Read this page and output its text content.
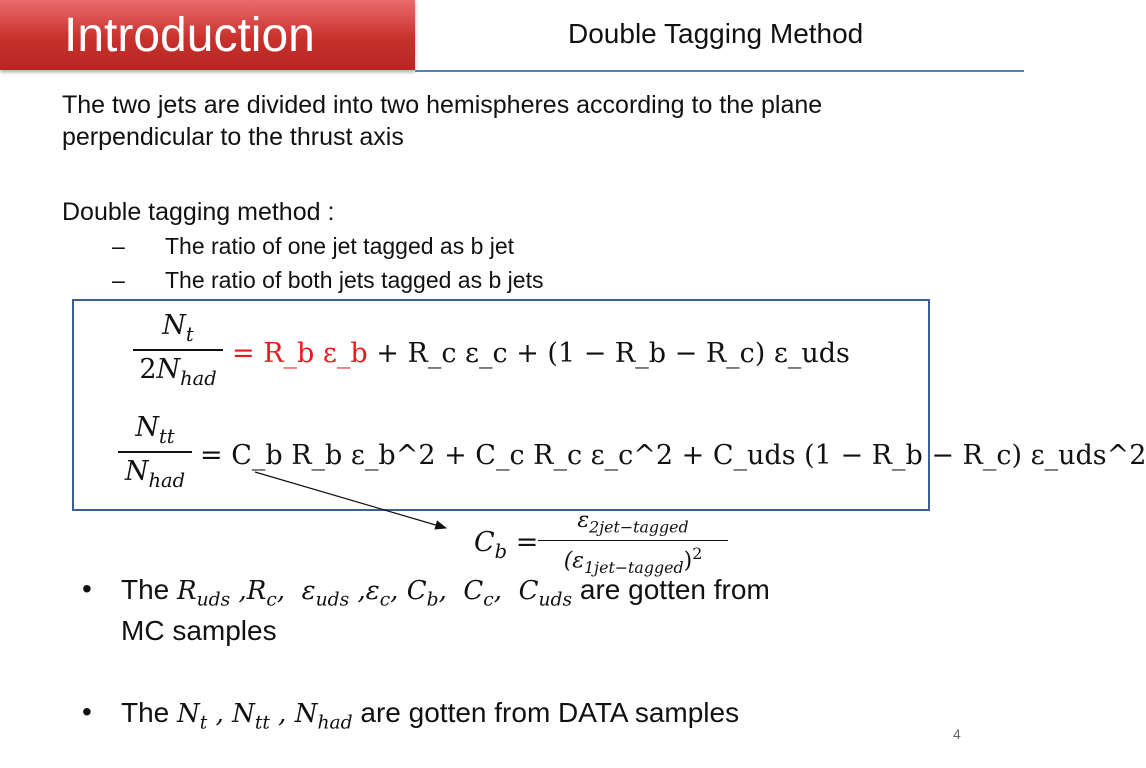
Introduction	Double Tagging Method
The two jets are divided into two hemispheres according to the plane
perpendicular to the thrust axis
Double tagging method :
– The ratio of one jet tagged as b jet
– The ratio of both jets tagged as b jets
$N_t$
$2N_{had}$
= R_b ε_b + R_c ε_c + (1 − R_b − R_c) ε_uds
$N_{tt}$
$N_{had}$
= C_b R_b ε_b^2 + C_c R_c ε_c^2 + C_uds (1 − R_b − R_c) ε_uds^2
$C_b$ =
$\varepsilon_{2jet-tagged}$
$(\varepsilon_{1jet-tagged})^2$
• The $R_{uds}$ $,R_c$,  $\varepsilon_{uds}$ $,\varepsilon_c$, $C_b$,  $C_c$,  $C_{uds}$ are gotten from
MC samples
• The $N_t$ , $N_{tt}$ , $N_{had}$ are gotten from DATA samples
4
